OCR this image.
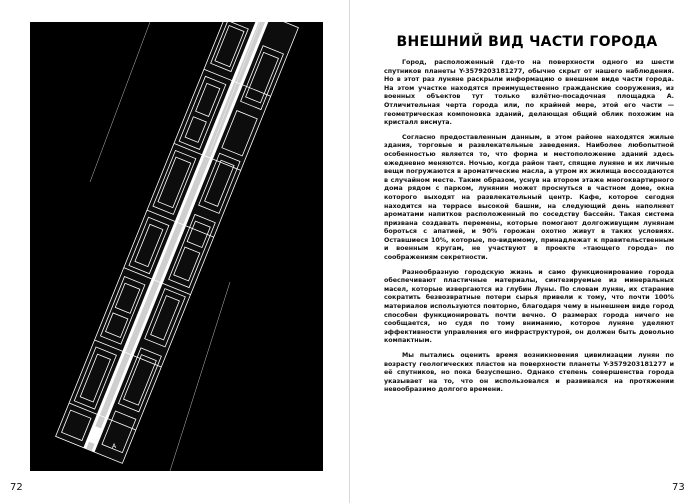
A
72
ВНЕШНИЙ ВИД ЧАСТИ ГОРОДА

Город, расположенный где-то на поверхности одного из шести спутников планеты Y-3579203181277, обычно скрыт от нашего наблюдения. Но в этот раз луняне раскрыли информацию о внешнем виде части города. На этом участке находятся преимущественно гражданские сооружения, из военных объектов тут только взлётно-посадочная площадка А. Отличительная черта города или, по крайней мере, этой его части — геометрическая компоновка зданий, делающая общий облик похожим на кристалл висмута.

Согласно предоставленным данным, в этом районе находятся жилые здания, торговые и развлекательные заведения. Наиболее любопытной особенностью является то, что форма и местоположение зданий здесь ежедневно меняются. Ночью, когда район тает, спящие луняне и их личные вещи погружаются в ароматические масла, а утром их жилища воссоздаются в случайном месте. Таким образом, уснув на втором этаже многоквартирного дома рядом с парком, лунянин может проснуться в частном доме, окна которого выходят на развлекательный центр. Кафе, которое сегодня находится на террасе высокой башни, на следующий день наполняет ароматами напитков расположенный по соседству бассейн. Такая система призвана создавать перемены, которые помогают долгоживущим лунянам бороться с апатией, и 90% горожан охотно живут в таких условиях. Оставшиеся 10%, которые, по-видимому, принадлежат к правительственным и военным кругам, не участвуют в проекте «тающего города» по соображениям секретности.

Разнообразную городскую жизнь и само функционирование города обеспечивают пластичные материалы, синтезируемые из минеральных масел, которые извергаются из глубин Луны. По словам лунян, их старание сократить безвозвратные потери сырья привели к тому, что почти 100% материалов используются повторно, благодаря чему в нынешнем виде город способен функционировать почти вечно. О размерах города ничего не сообщается, но судя по тому вниманию, которое луняне уделяют эффективности управления его инфраструктурой, он должен быть довольно компактным.

Мы пытались оценить время возникновения цивилизации лунян по возрасту геологических пластов на поверхности планеты Y-3579203181277 и её спутников, но пока безуспешно. Однако степень совершенства города указывает на то, что он использовался и развивался на протяжении невообразимо долгого времени.

73
